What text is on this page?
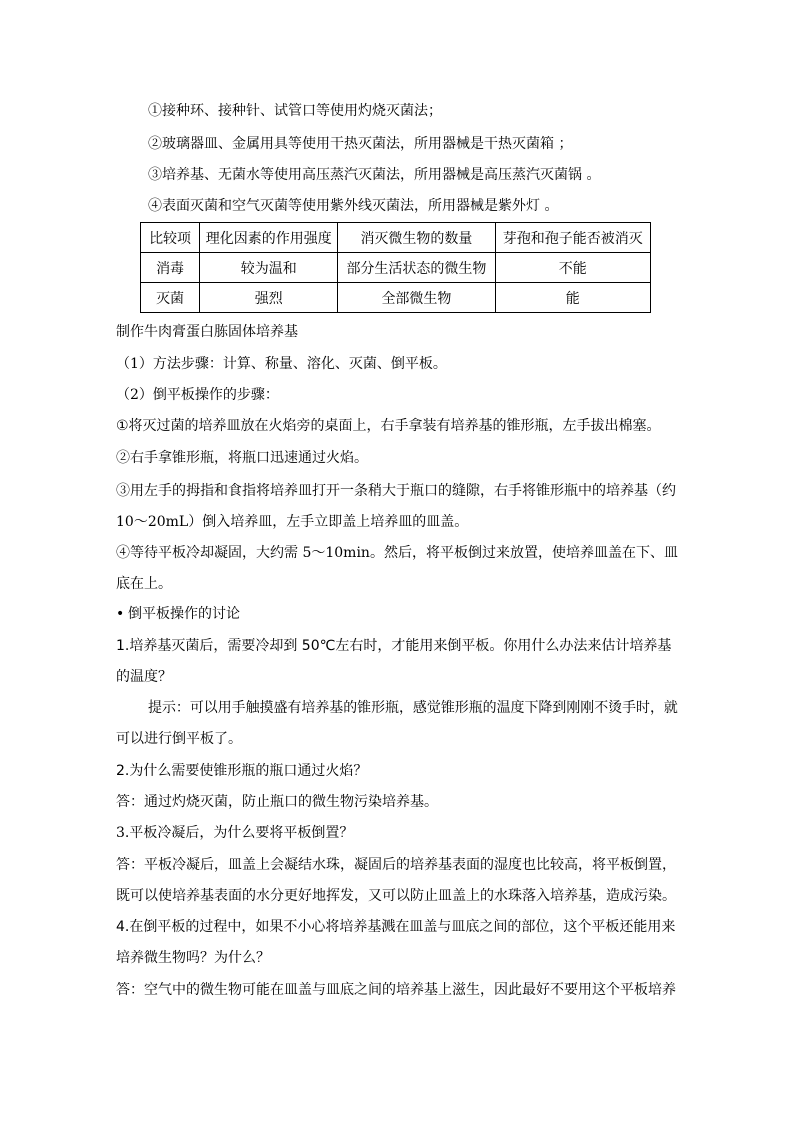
①接种环、接种针、试管口等使用灼烧灭菌法；
②玻璃器皿、金属用具等使用干热灭菌法，所用器械是干热灭菌箱 ；
③培养基、无菌水等使用高压蒸汽灭菌法，所用器械是高压蒸汽灭菌锅 。
④表面灭菌和空气灭菌等使用紫外线灭菌法，所用器械是紫外灯 。
比较项	理化因素的作用强度	消灭微生物的数量	芽孢和孢子能否被消灭
消毒	较为温和	部分生活状态的微生物	不能
灭菌	强烈	全部微生物	能
制作牛肉膏蛋白胨固体培养基
（1）方法步骤：计算、称量、溶化、灭菌、倒平板。
（2）倒平板操作的步骤：
①将灭过菌的培养皿放在火焰旁的桌面上，右手拿装有培养基的锥形瓶，左手拔出棉塞。
②右手拿锥形瓶，将瓶口迅速通过火焰。
③用左手的拇指和食指将培养皿打开一条稍大于瓶口的缝隙，右手将锥形瓶中的培养基（约
10～20mL）倒入培养皿，左手立即盖上培养皿的皿盖。
④等待平板冷却凝固，大约需 5～10min。然后，将平板倒过来放置，使培养皿盖在下、皿
底在上。
• 倒平板操作的讨论
1.培养基灭菌后，需要冷却到 50℃左右时，才能用来倒平板。你用什么办法来估计培养基
的温度？
提示：可以用手触摸盛有培养基的锥形瓶，感觉锥形瓶的温度下降到刚刚不烫手时，就
可以进行倒平板了。
2.为什么需要使锥形瓶的瓶口通过火焰？
答：通过灼烧灭菌，防止瓶口的微生物污染培养基。
3.平板冷凝后，为什么要将平板倒置？
答：平板冷凝后，皿盖上会凝结水珠，凝固后的培养基表面的湿度也比较高，将平板倒置，
既可以使培养基表面的水分更好地挥发，又可以防止皿盖上的水珠落入培养基，造成污染。
4.在倒平板的过程中，如果不小心将培养基溅在皿盖与皿底之间的部位，这个平板还能用来
培养微生物吗？为什么？
答：空气中的微生物可能在皿盖与皿底之间的培养基上滋生，因此最好不要用这个平板培养
